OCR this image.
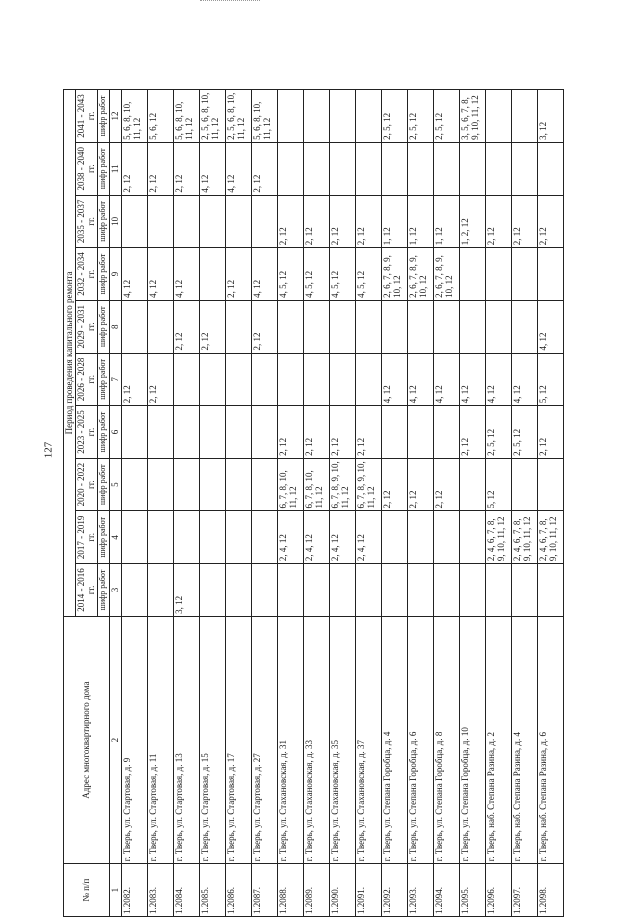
127
№ п/п	Адрес многоквартирного дома	Период проведения капитального ремонта									
		2014 - 2016 гг.	2017 - 2019 гг.	2020 - 2022 гг.	2023 - 2025 гг.	2026 - 2028 гг.	2029 - 2031 гг.	2032 - 2034 гг.	2035 - 2037 гг.	2038 - 2040 гг.	2041 - 2043 гг.
		шифр работ	шифр работ	шифр работ	шифр работ	шифр работ	шифр работ	шифр работ	шифр работ	шифр работ	шифр работ
1	2	3	4	5	6	7	8	9	10	11	12
1.2082.	г. Тверь, ул. Стартовая, д. 9					2, 12		4, 12		2, 12	5, 6, 8, 10, 11, 12
1.2083.	г. Тверь, ул. Стартовая, д. 11					2, 12		4, 12		2, 12	5, 6, 12
1.2084.	г. Тверь, ул. Стартовая, д. 13	3, 12					2, 12	4, 12		2, 12	5, 6, 8, 10, 11, 12
1.2085.	г. Тверь, ул. Стартовая, д. 15						2, 12			4, 12	2, 5, 6, 8, 10, 11, 12
1.2086.	г. Тверь, ул. Стартовая, д. 17							2, 12		4, 12	2, 5, 6, 8, 10, 11, 12
1.2087.	г. Тверь, ул. Стартовая, д. 27						2, 12	4, 12		2, 12	5, 6, 8, 10, 11, 12
1.2088.	г. Тверь, ул. Стахановская, д. 31		2, 4, 12	6, 7, 8, 10, 11, 12	2, 12			4, 5, 12	2, 12		
1.2089.	г. Тверь, ул. Стахановская, д. 33		2, 4, 12	6, 7, 8, 10, 11, 12	2, 12			4, 5, 12	2, 12		
1.2090.	г. Тверь, ул. Стахановская, д. 35		2, 4, 12	6, 7, 8, 9, 10, 11, 12	2, 12			4, 5, 12	2, 12		
1.2091.	г. Тверь, ул. Стахановская, д. 37		2, 4, 12	6, 7, 8, 9, 10, 11, 12	2, 12			4, 5, 12	2, 12		
1.2092.	г. Тверь, ул. Степана Горобца, д. 4			2, 12		4, 12		2, 6, 7, 8, 9, 10, 12	1, 12		2, 5, 12
1.2093.	г. Тверь, ул. Степана Горобца, д. 6			2, 12		4, 12		2, 6, 7, 8, 9, 10, 12	1, 12		2, 5, 12
1.2094.	г. Тверь, ул. Степана Горобца, д. 8			2, 12		4, 12		2, 6, 7, 8, 9, 10, 12	1, 12		2, 5, 12
1.2095.	г. Тверь, ул. Степана Горобца, д. 10				2, 12	4, 12			1, 2, 12		3, 5, 6, 7, 8, 9, 10, 11, 12
1.2096.	г. Тверь, наб. Степана Разина, д. 2		2, 4, 6, 7, 8, 9, 10, 11, 12	5, 12	2, 5, 12	4, 12			2, 12		
1.2097.	г. Тверь, наб. Степана Разина, д. 4		2, 4, 6, 7, 8, 9, 10, 11, 12		2, 5, 12	4, 12			2, 12		
1.2098.	г. Тверь, наб. Степана Разина, д. 6		2, 4, 6, 7, 8, 9, 10, 11, 12		2, 12	5, 12	4, 12		2, 12		3, 12
